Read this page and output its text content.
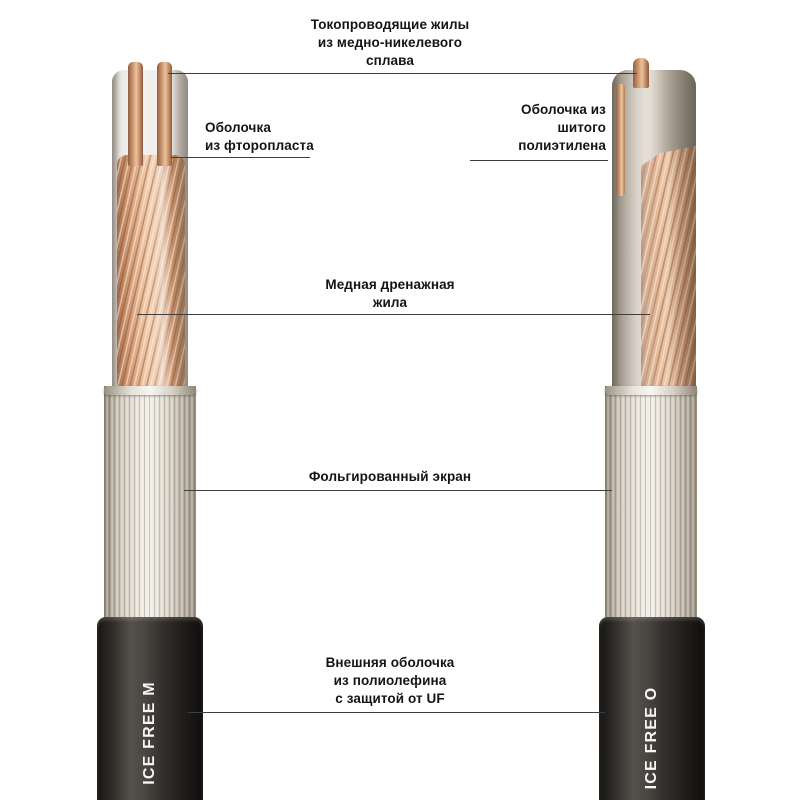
ICE FREE M	ICE FREE O
Токопроводящие жилы
из медно-никелевого
сплава
Оболочка
из фторопласта
Оболочка из
шитого
полиэтилена
Медная дренажная
жила
Фольгированный экран
Внешняя оболочка
из полиолефина
с защитой от UF
